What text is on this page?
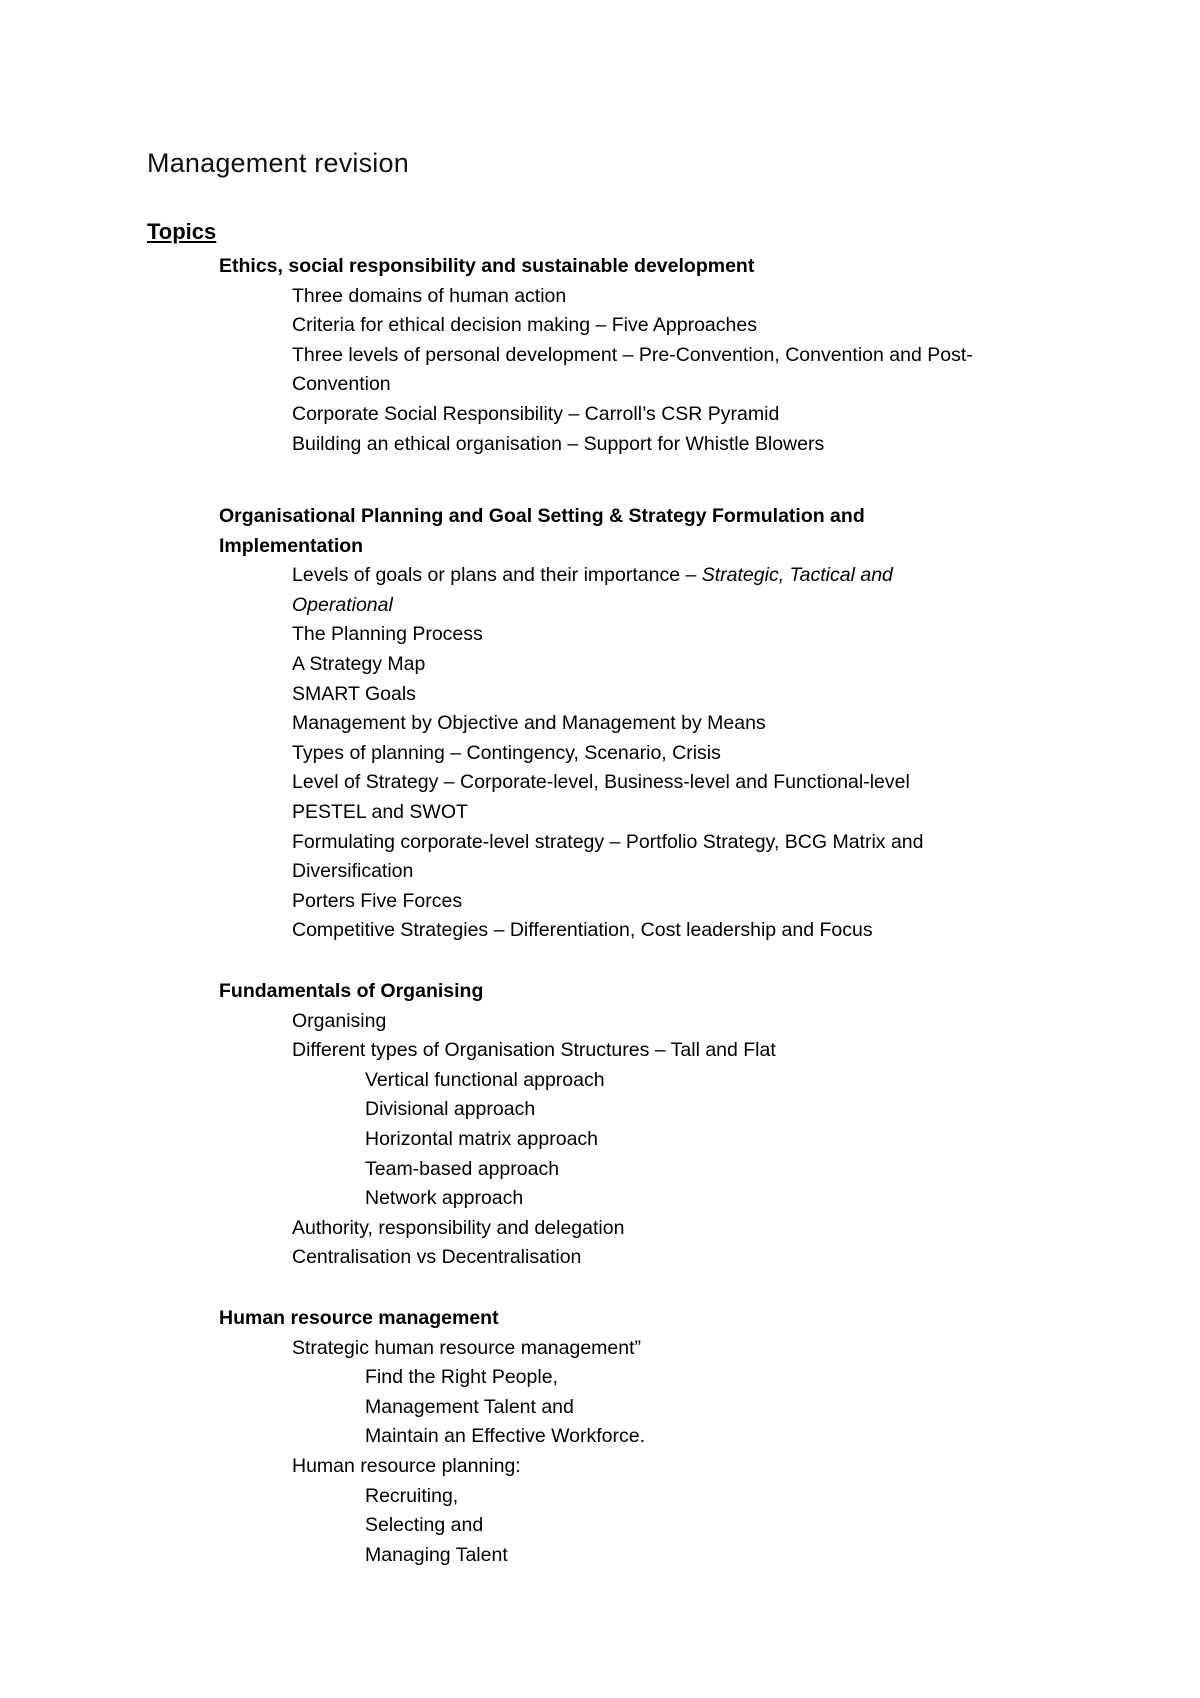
Management revision
Topics
Ethics, social responsibility and sustainable development
Three domains of human action
Criteria for ethical decision making – Five Approaches
Three levels of personal development – Pre-Convention, Convention and Post-
Convention
Corporate Social Responsibility – Carroll’s CSR Pyramid
Building an ethical organisation – Support for Whistle Blowers
Organisational Planning and Goal Setting & Strategy Formulation and
Implementation
Levels of goals or plans and their importance – Strategic, Tactical and
Operational
The Planning Process
A Strategy Map
SMART Goals
Management by Objective and Management by Means
Types of planning – Contingency, Scenario, Crisis
Level of Strategy – Corporate-level, Business-level and Functional-level
PESTEL and SWOT
Formulating corporate-level strategy – Portfolio Strategy, BCG Matrix and
Diversification
Porters Five Forces
Competitive Strategies – Differentiation, Cost leadership and Focus
Fundamentals of Organising
Organising
Different types of Organisation Structures – Tall and Flat
Vertical functional approach
Divisional approach
Horizontal matrix approach
Team-based approach
Network approach
Authority, responsibility and delegation
Centralisation vs Decentralisation
Human resource management
Strategic human resource management”
Find the Right People,
Management Talent and
Maintain an Effective Workforce.
Human resource planning:
Recruiting,
Selecting and
Managing Talent
